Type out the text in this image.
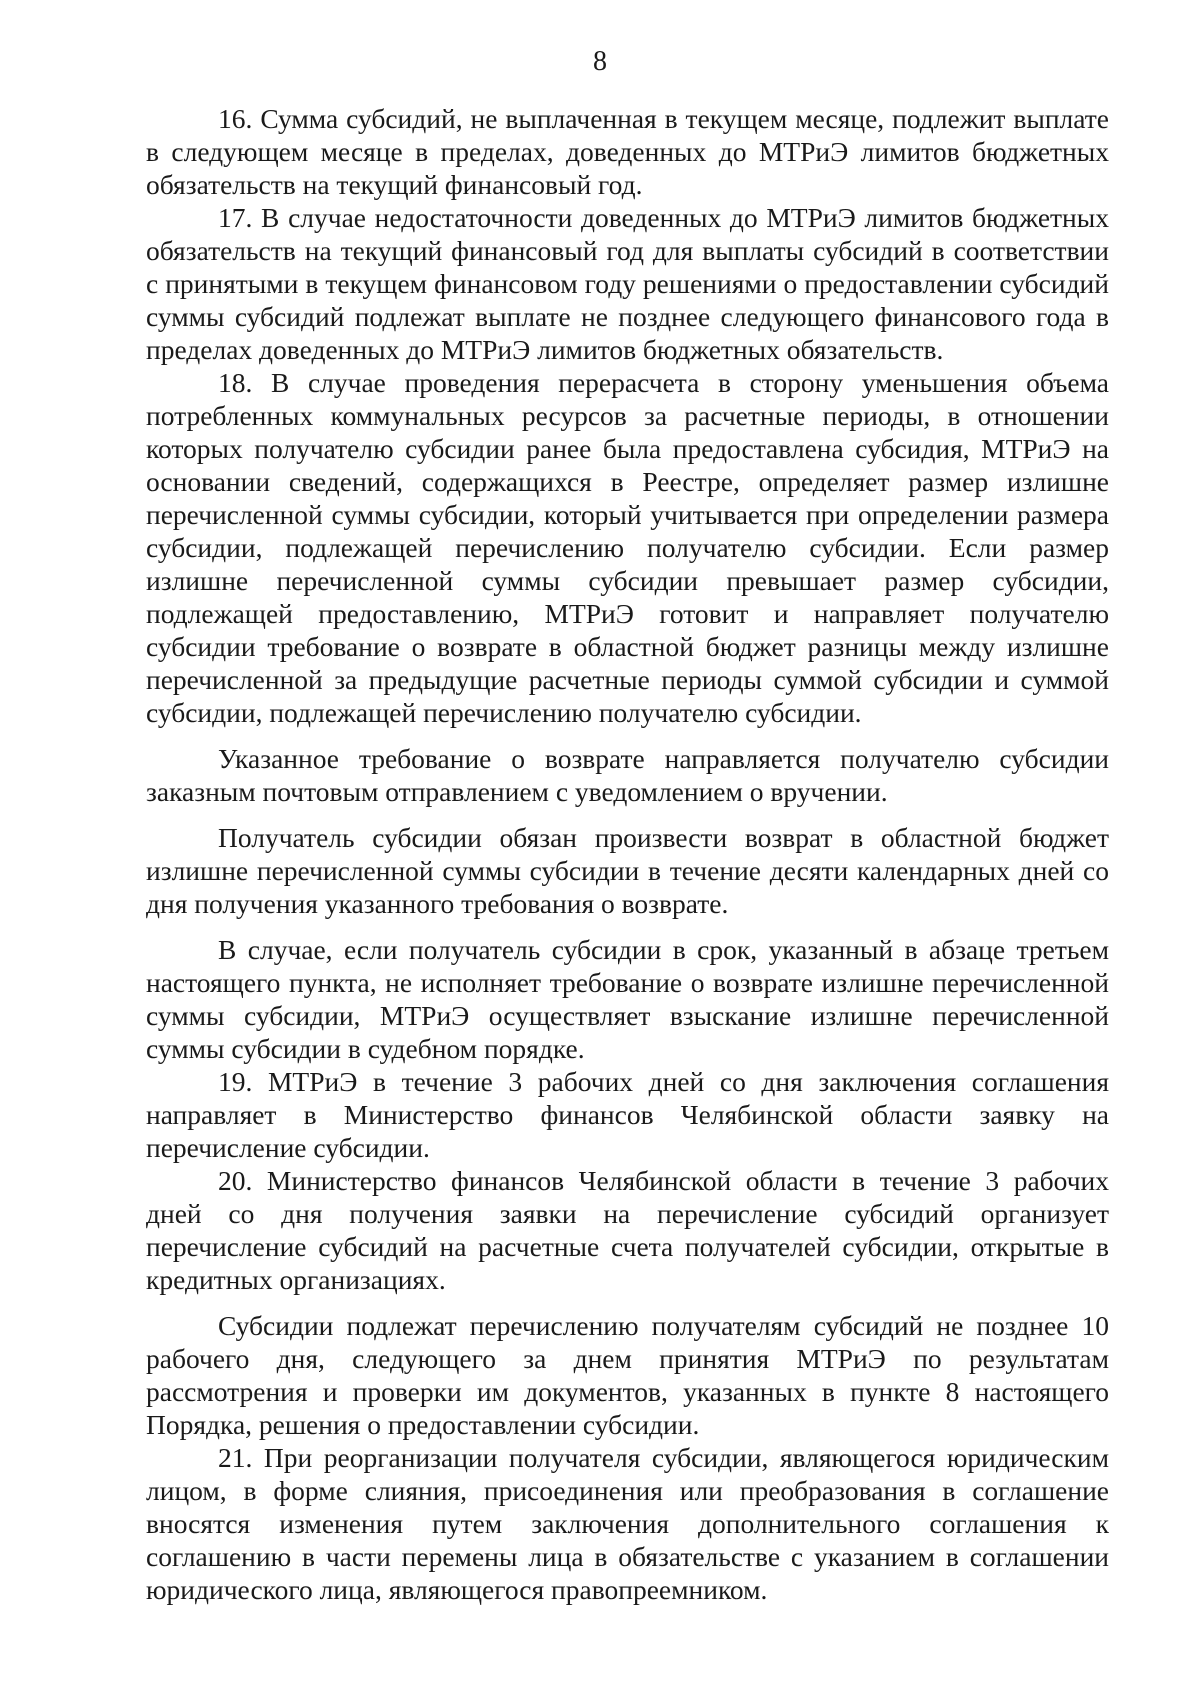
8

16. Сумма субсидий, не выплаченная в текущем месяце, подлежит выплате в следующем месяце в пределах, доведенных до МТРиЭ лимитов бюджетных обязательств на текущий финансовый год.

17. В случае недостаточности доведенных до МТРиЭ лимитов бюджетных обязательств на текущий финансовый год для выплаты субсидий в соответствии с принятыми в текущем финансовом году решениями о предоставлении субсидий суммы субсидий подлежат выплате не позднее следующего финансового года в пределах доведенных до МТРиЭ лимитов бюджетных обязательств.

18. В случае проведения перерасчета в сторону уменьшения объема потребленных коммунальных ресурсов за расчетные периоды, в отношении которых получателю субсидии ранее была предоставлена субсидия, МТРиЭ на основании сведений, содержащихся в Реестре, определяет размер излишне перечисленной суммы субсидии, который учитывается при определении размера субсидии, подлежащей перечислению получателю субсидии. Если размер излишне перечисленной суммы субсидии превышает размер субсидии, подлежащей предоставлению, МТРиЭ готовит и направляет получателю субсидии требование о возврате в областной бюджет разницы между излишне перечисленной за предыдущие расчетные периоды суммой субсидии и суммой субсидии, подлежащей перечислению получателю субсидии.

Указанное требование о возврате направляется получателю субсидии заказным почтовым отправлением с уведомлением о вручении.

Получатель субсидии обязан произвести возврат в областной бюджет излишне перечисленной суммы субсидии в течение десяти календарных дней со дня получения указанного требования о возврате.

В случае, если получатель субсидии в срок, указанный в абзаце третьем настоящего пункта, не исполняет требование о возврате излишне перечисленной суммы субсидии, МТРиЭ осуществляет взыскание излишне перечисленной суммы субсидии в судебном порядке.

19. МТРиЭ в течение 3 рабочих дней со дня заключения соглашения направляет в Министерство финансов Челябинской области заявку на перечисление субсидии.

20. Министерство финансов Челябинской области в течение 3 рабочих дней со дня получения заявки на перечисление субсидий организует перечисление субсидий на расчетные счета получателей субсидии, открытые в кредитных организациях.

Субсидии подлежат перечислению получателям субсидий не позднее 10 рабочего дня, следующего за днем принятия МТРиЭ по результатам рассмотрения и проверки им документов, указанных в пункте 8 настоящего Порядка, решения о предоставлении субсидии.

21. При реорганизации получателя субсидии, являющегося юридическим лицом, в форме слияния, присоединения или преобразования в соглашение вносятся изменения путем заключения дополнительного соглашения к соглашению в части перемены лица в обязательстве с указанием в соглашении юридического лица, являющегося правопреемником.
